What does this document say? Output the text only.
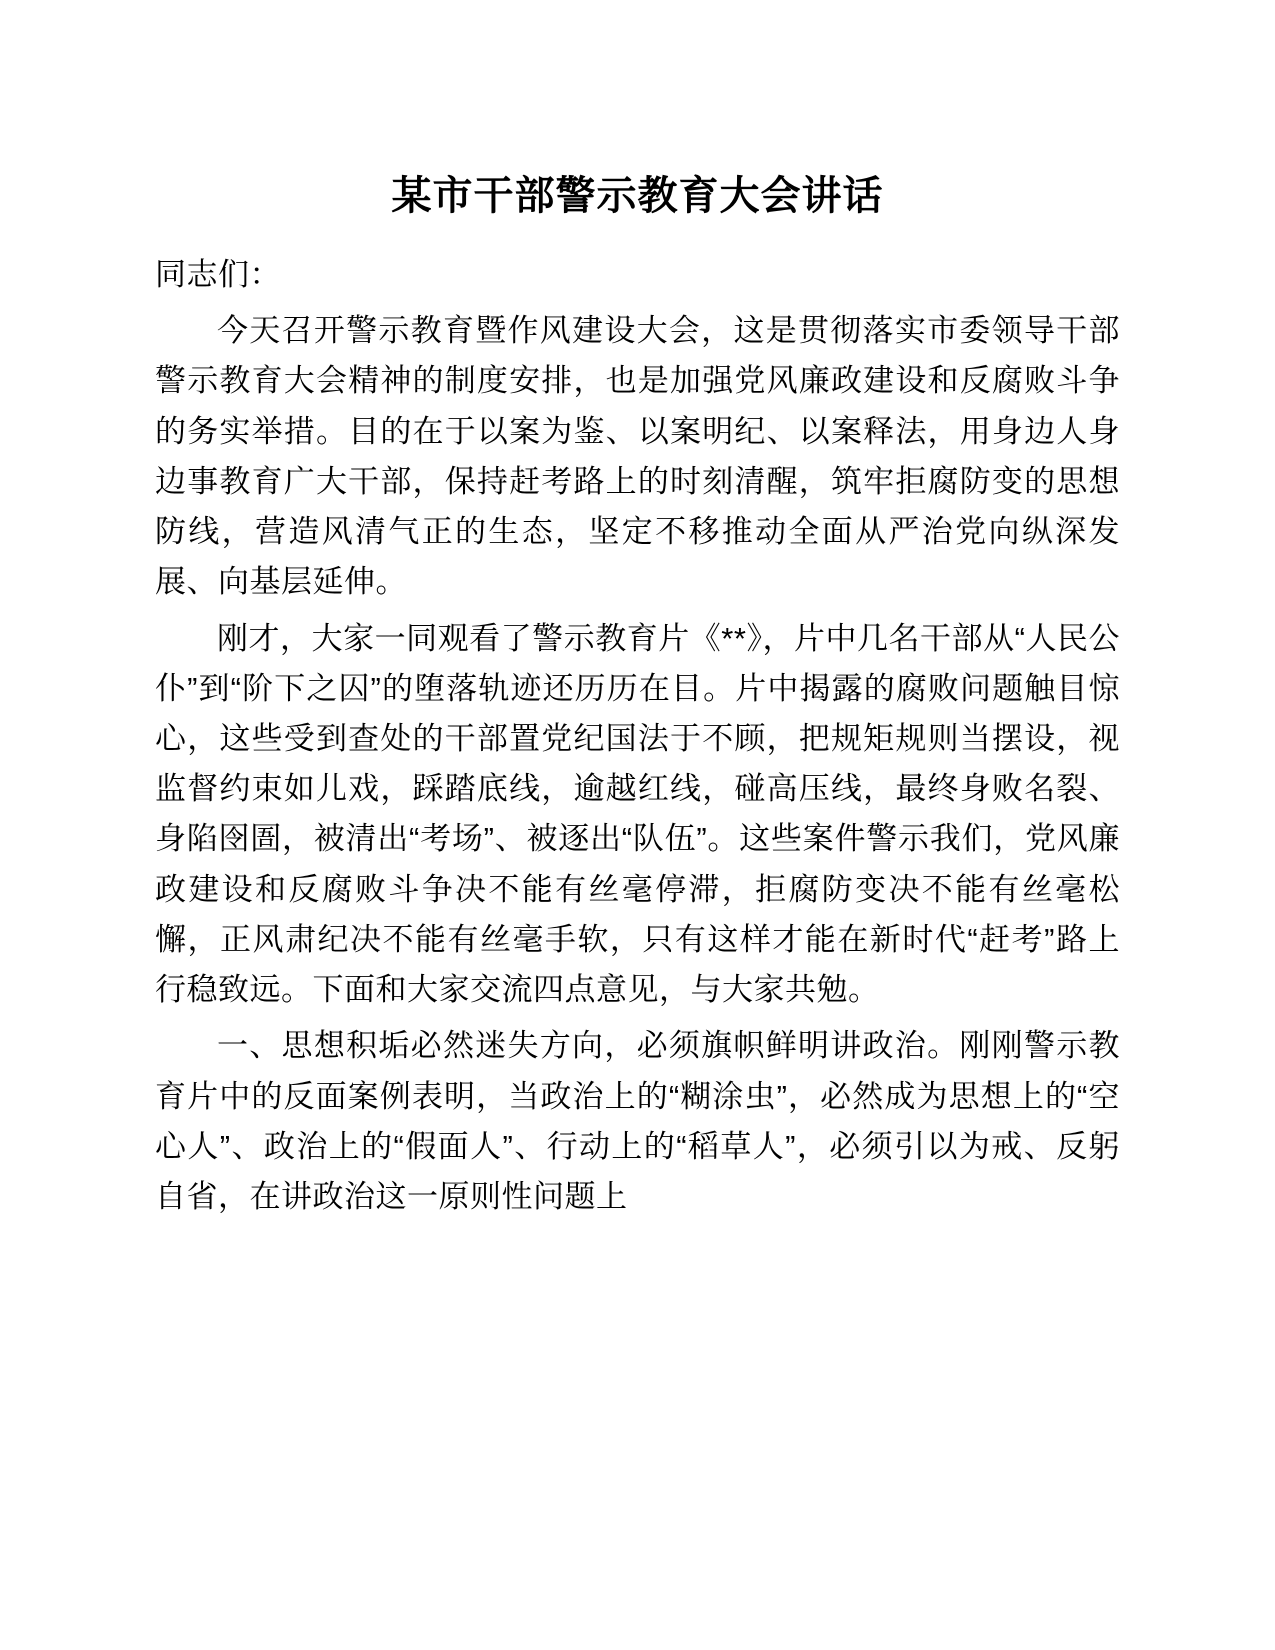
某市干部警示教育大会讲话

同志们：

今天召开警示教育暨作风建设大会，这是贯彻落实市委领导干部警示教育大会精神的制度安排，也是加强党风廉政建设和反腐败斗争的务实举措。目的在于以案为鉴、以案明纪、以案释法，用身边人身边事教育广大干部，保持赶考路上的时刻清醒，筑牢拒腐防变的思想防线，营造风清气正的生态，坚定不移推动全面从严治党向纵深发展、向基层延伸。

刚才，大家一同观看了警示教育片《**》，片中几名干部从“人民公仆”到“阶下之囚”的堕落轨迹还历历在目。片中揭露的腐败问题触目惊心，这些受到查处的干部置党纪国法于不顾，把规矩规则当摆设，视监督约束如儿戏，踩踏底线，逾越红线，碰高压线，最终身败名裂、身陷囹圄，被清出“考场”、被逐出“队伍”。这些案件警示我们，党风廉政建设和反腐败斗争决不能有丝毫停滞，拒腐防变决不能有丝毫松懈，正风肃纪决不能有丝毫手软，只有这样才能在新时代“赶考”路上行稳致远。下面和大家交流四点意见，与大家共勉。

一、思想积垢必然迷失方向，必须旗帜鲜明讲政治。刚刚警示教育片中的反面案例表明，当政治上的“糊涂虫”，必然成为思想上的“空心人”、政治上的“假面人”、行动上的“稻草人”，必须引以为戒、反躬自省，在讲政治这一原则性问题上
